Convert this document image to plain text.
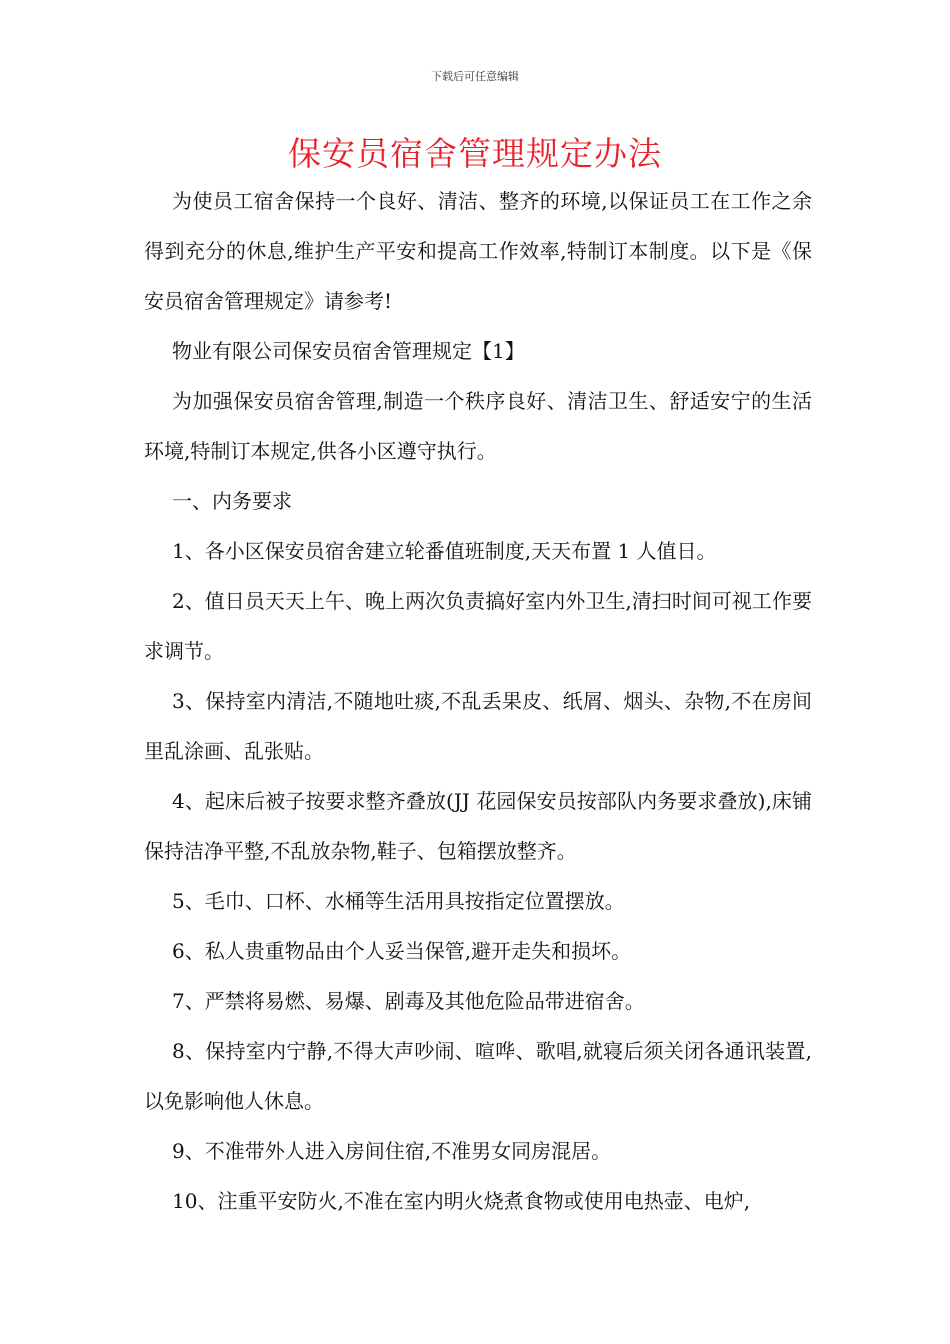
下载后可任意编辑
保安员宿舍管理规定办法

为使员工宿舍保持一个良好、清洁、整齐的环境,以保证员工在工作之余得到充分的休息,维护生产平安和提高工作效率,特制订本制度。以下是《保安员宿舍管理规定》请参考!

物业有限公司保安员宿舍管理规定【1】

为加强保安员宿舍管理,制造一个秩序良好、清洁卫生、舒适安宁的生活环境,特制订本规定,供各小区遵守执行。

一、内务要求

1、各小区保安员宿舍建立轮番值班制度,天天布置 1 人值日。

2、值日员天天上午、晚上两次负责搞好室内外卫生,清扫时间可视工作要求调节。

3、保持室内清洁,不随地吐痰,不乱丢果皮、纸屑、烟头、杂物,不在房间里乱涂画、乱张贴。

4、起床后被子按要求整齐叠放(JJ 花园保安员按部队内务要求叠放),床铺保持洁净平整,不乱放杂物,鞋子、包箱摆放整齐。

5、毛巾、口杯、水桶等生活用具按指定位置摆放。

6、私人贵重物品由个人妥当保管,避开走失和损坏。

7、严禁将易燃、易爆、剧毒及其他危险品带进宿舍。

8、保持室内宁静,不得大声吵闹、喧哗、歌唱,就寝后须关闭各通讯装置,以免影响他人休息。

9、不准带外人进入房间住宿,不准男女同房混居。

10、注重平安防火,不准在室内明火烧煮食物或使用电热壶、电炉,
